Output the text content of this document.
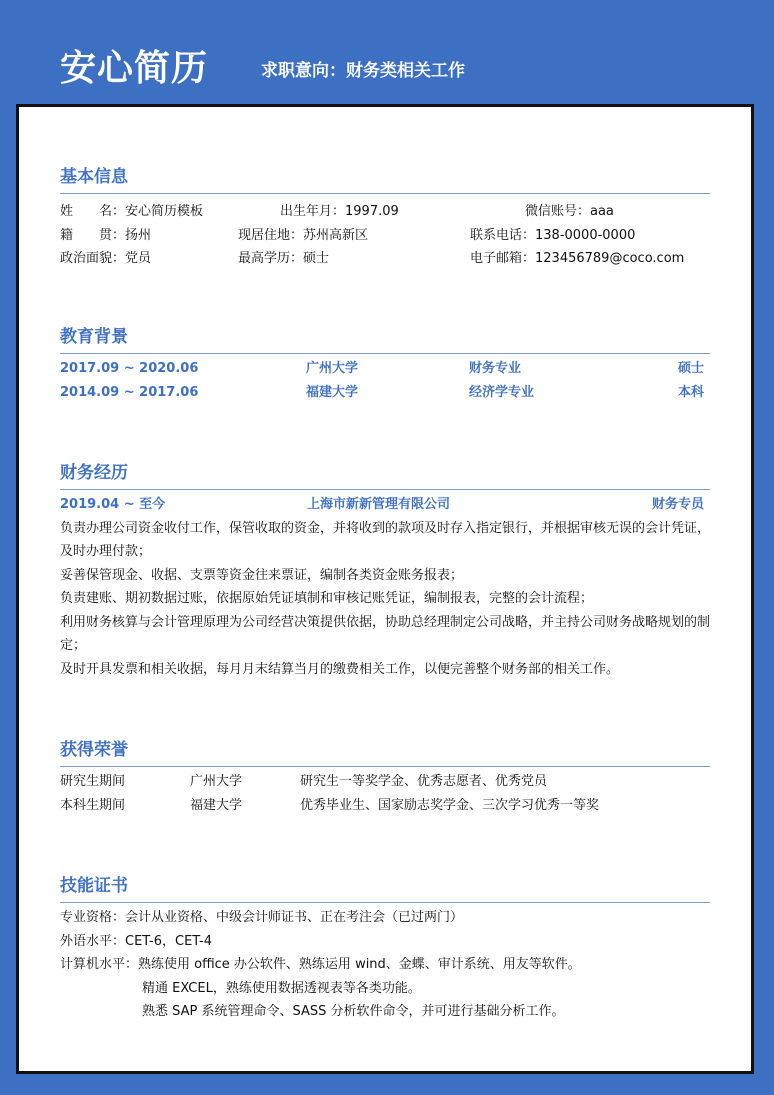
安心简历	求职意向：财务类相关工作
基本信息
姓　　名：安心简历模板	出生年月：1997.09	微信账号：aaa
籍　　贯：扬州	现居住地：苏州高新区	联系电话：138-0000-0000
政治面貌：党员	最高学历：硕士	电子邮箱：123456789@coco.com
教育背景
2017.09 ~ 2020.06	广州大学	财务专业	硕士
2014.09 ~ 2017.06	福建大学	经济学专业	本科
财务经历
2019.04 ~ 至今	上海市新新管理有限公司	财务专员
负责办理公司资金收付工作，保管收取的资金，并将收到的款项及时存入指定银行，并根据审核无误的会计凭证，及时办理付款；
妥善保管现金、收据、支票等资金往来票证，编制各类资金账务报表；
负责建账、期初数据过账，依据原始凭证填制和审核记账凭证，编制报表，完整的会计流程；
利用财务核算与会计管理原理为公司经营决策提供依据，协助总经理制定公司战略，并主持公司财务战略规划的制定；
及时开具发票和相关收据，每月月末结算当月的缴费相关工作，以便完善整个财务部的相关工作。
获得荣誉
研究生期间	广州大学	研究生一等奖学金、优秀志愿者、优秀党员
本科生期间	福建大学	优秀毕业生、国家励志奖学金、三次学习优秀一等奖
技能证书
专业资格：会计从业资格、中级会计师证书、正在考注会（已过两门）
外语水平：CET-6，CET-4
计算机水平：熟练使用 office 办公软件、熟练运用 wind、金蝶、审计系统、用友等软件。
精通 EXCEL，熟练使用数据透视表等各类功能。
熟悉 SAP 系统管理命令、SASS 分析软件命令，并可进行基础分析工作。
